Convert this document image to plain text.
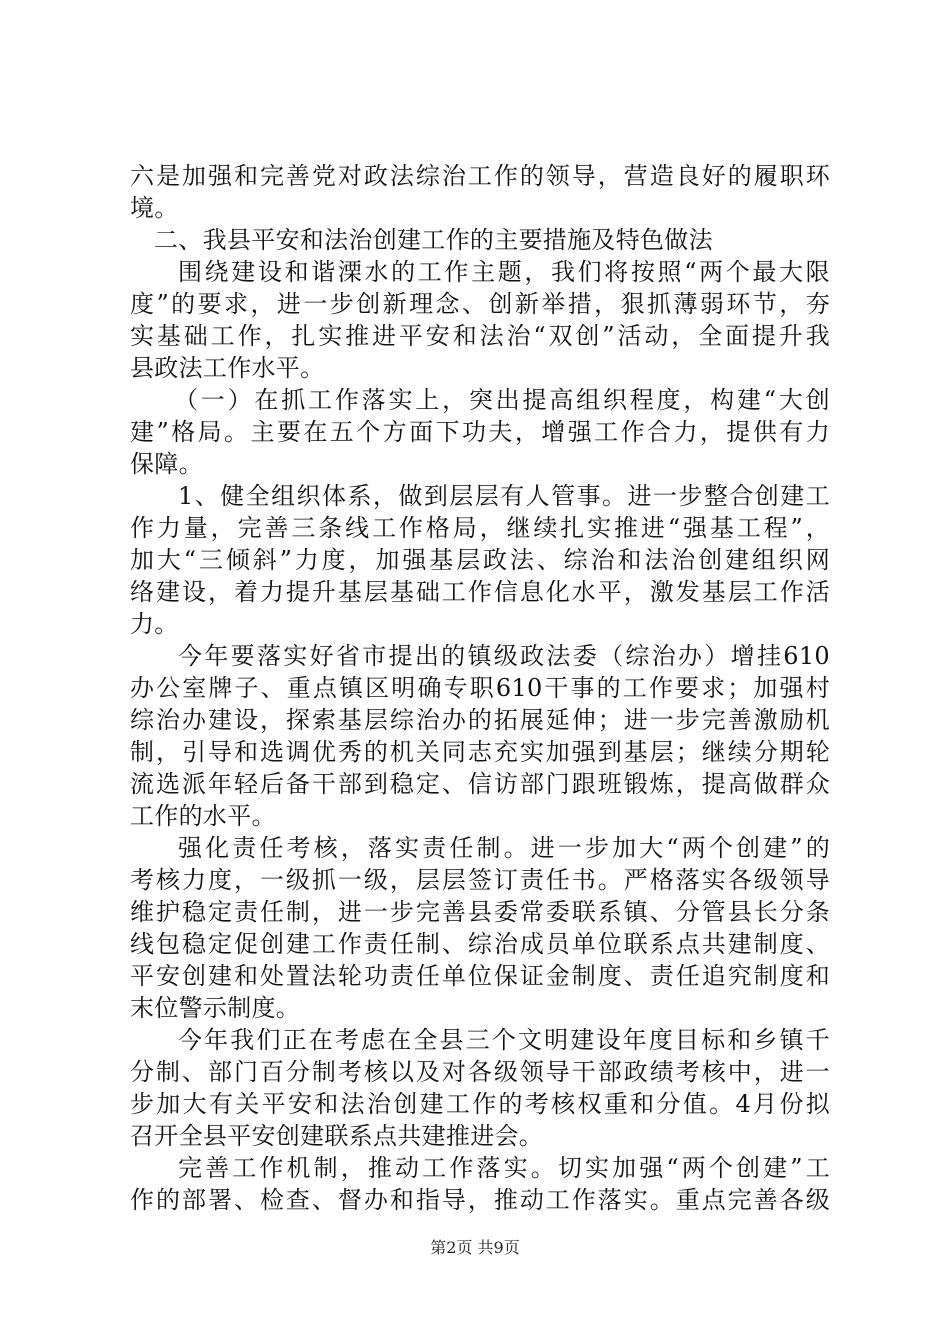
六是加强和完善党对政法综治工作的领导，营造良好的履职环
境。
二、我县平安和法治创建工作的主要措施及特色做法
围绕建设和谐溧水的工作主题，我们将按照“两个最大限
度”的要求，进一步创新理念、创新举措，狠抓薄弱环节，夯
实基础工作，扎实推进平安和法治“双创”活动，全面提升我
县政法工作水平。
（一）在抓工作落实上，突出提高组织程度，构建“大创
建”格局。主要在五个方面下功夫，增强工作合力，提供有力
保障。
1、健全组织体系，做到层层有人管事。进一步整合创建工
作力量，完善三条线工作格局，继续扎实推进“强基工程”，
加大“三倾斜”力度，加强基层政法、综治和法治创建组织网
络建设，着力提升基层基础工作信息化水平，激发基层工作活
力。
今年要落实好省市提出的镇级政法委（综治办）增挂610
办公室牌子、重点镇区明确专职610干事的工作要求；加强村
综治办建设，探索基层综治办的拓展延伸；进一步完善激励机
制，引导和选调优秀的机关同志充实加强到基层；继续分期轮
流选派年轻后备干部到稳定、信访部门跟班锻炼，提高做群众
工作的水平。
强化责任考核，落实责任制。进一步加大“两个创建”的
考核力度，一级抓一级，层层签订责任书。严格落实各级领导
维护稳定责任制，进一步完善县委常委联系镇、分管县长分条
线包稳定促创建工作责任制、综治成员单位联系点共建制度、
平安创建和处置法轮功责任单位保证金制度、责任追究制度和
末位警示制度。
今年我们正在考虑在全县三个文明建设年度目标和乡镇千
分制、部门百分制考核以及对各级领导干部政绩考核中，进一
步加大有关平安和法治创建工作的考核权重和分值。4月份拟
召开全县平安创建联系点共建推进会。
完善工作机制，推动工作落实。切实加强“两个创建”工
作的部署、检查、督办和指导，推动工作落实。重点完善各级
第2页 共9页
